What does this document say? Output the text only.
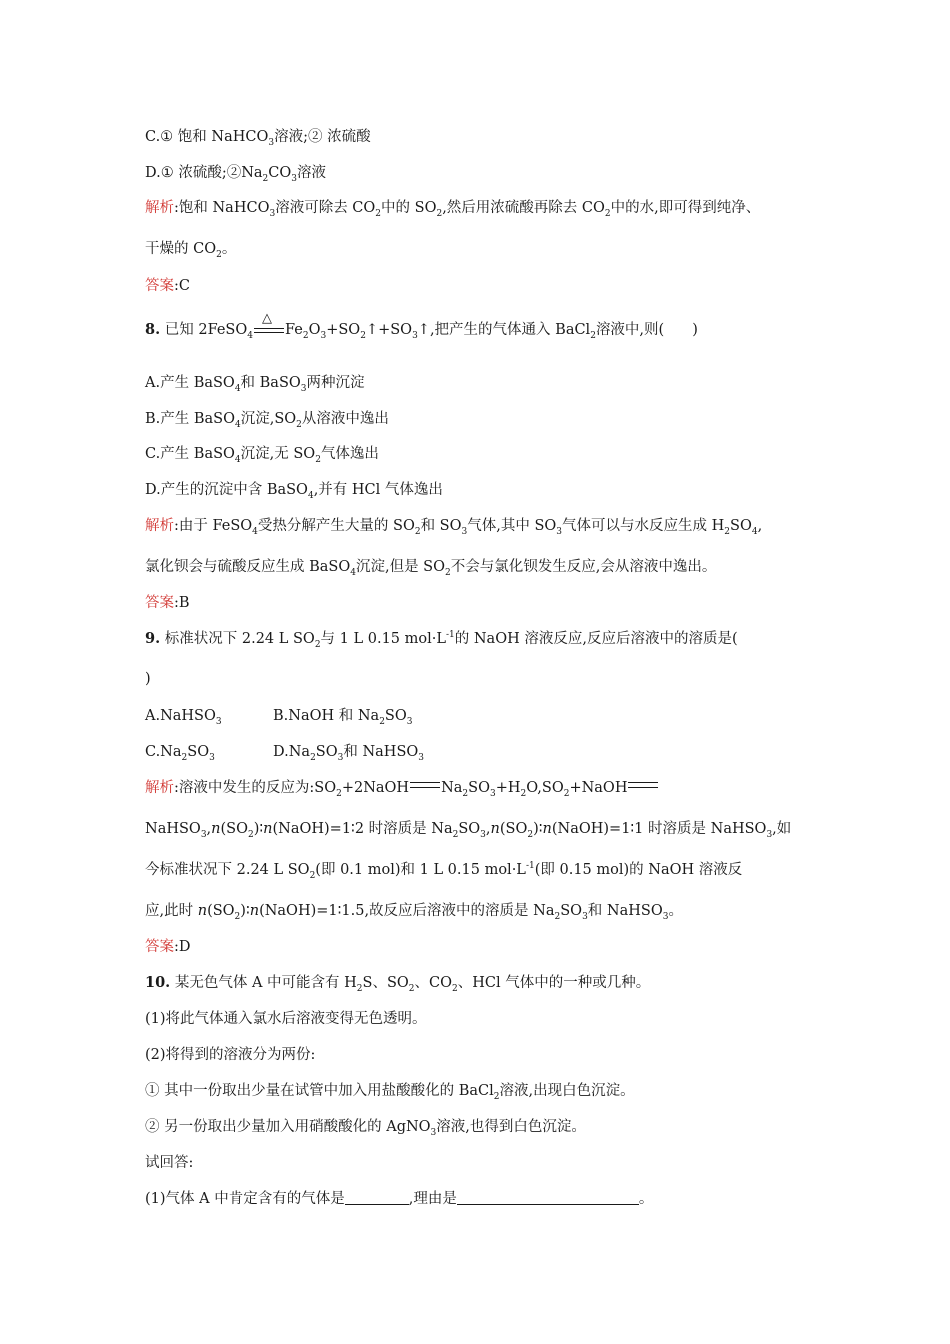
C.① 饱和 NaHCO$_3$溶液;② 浓硫酸
D.① 浓硫酸$;②Na_2CO_3$溶液
解析:饱和 NaHCO$_3$溶液可除去 $CO_2$中的 $SO_2$,然后用浓硫酸再除去 $CO_2$中的水,即可得到纯净、
干燥的 $CO_2$。
答案:C
8. 已知 2FeSO$_4$
△
$Fe_2O_3+SO_2↑+SO_3↑$,把产生的气体通入 BaCl$_2$溶液中,则( )
A.产生 BaSO$_4$和 BaSO$_3$两种沉淀
B.产生 BaSO$_4$沉淀$,SO_2$从溶液中逸出
C.产生 BaSO$_4$沉淀,无 $SO_2$气体逸出
D.产生的沉淀中含 BaSO$_4$,并有 HCl 气体逸出
解析:由于 FeSO$_4$受热分解产生大量的 $SO_2$和 $SO_3$气体,其中 $SO_3$气体可以与水反应生成 $H_2SO_4$,
氯化钡会与硫酸反应生成 BaSO$_4$沉淀,但是 $SO_2$不会与氯化钡发生反应,会从溶液中逸出。
答案:B
9. 标准状况下 2.24 L $SO_2$与 1 L 0.15 $mol\cdot L^{-1}$的 NaOH 溶液反应,反应后溶液中的溶质是(
)
A.NaHSO$_3$	B.NaOH 和 $Na_2SO_3$
$C.Na_2SO_3$	$D.Na_2SO_3$和 NaHSO$_3$
解析:溶液中发生的反应为$:SO_2+2NaOH$ $Na_2SO_3+H_2O,SO_2+NaOH$
$NaHSO_3,n(SO_2)∶n(NaOH)=1∶2$ 时溶质是 $Na_2SO_3,n(SO_2)∶n(NaOH)=1∶1$ 时溶质是 NaHSO$_3$,如
今标准状况下 2.24 L $SO_2$(即 0.1 mol)和 1 L 0.15 $mol\cdot L^{-1}$(即 0.15 mol)的 NaOH 溶液反
应,此时 $n(SO_2)∶n(NaOH)=1∶1.5$,故反应后溶液中的溶质是 $Na_2SO_3$和 NaHSO$_3$。
答案:D
10. 某无色气体 A 中可能含有 $H_2S$、$SO_2$、$CO_2$、HCl 气体中的一种或几种。
(1)将此气体通入氯水后溶液变得无色透明。
(2)将得到的溶液分为两份:
① 其中一份取出少量在试管中加入用盐酸酸化的 BaCl$_2$溶液,出现白色沉淀。
② 另一份取出少量加入用硝酸酸化的 AgNO$_3$溶液,也得到白色沉淀。
试回答:
(1)气体 A 中肯定含有的气体是	,理由是	。
